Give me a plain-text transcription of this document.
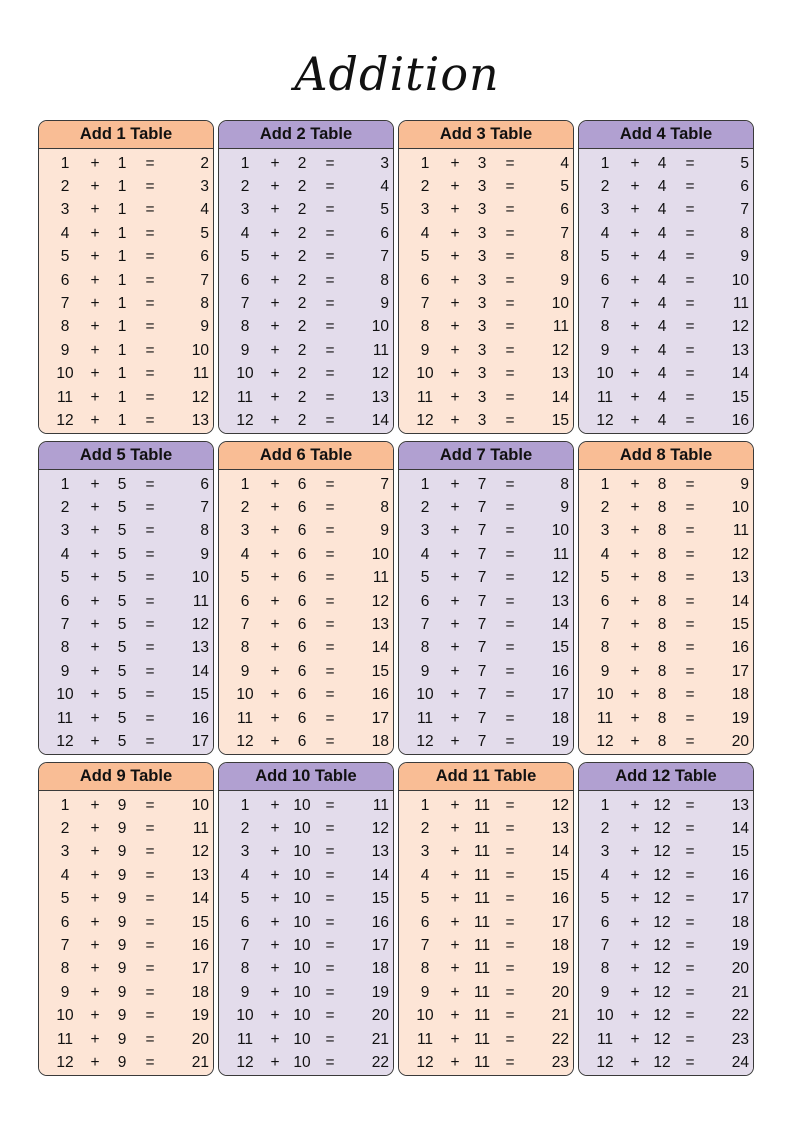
Addition
Add 1 Table
1	+	1	=	2
2	+	1	=	3
3	+	1	=	4
4	+	1	=	5
5	+	1	=	6
6	+	1	=	7
7	+	1	=	8
8	+	1	=	9
9	+	1	=	10
10	+	1	=	11
11	+	1	=	12
12	+	1	=	13
Add 2 Table
1	+	2	=	3
2	+	2	=	4
3	+	2	=	5
4	+	2	=	6
5	+	2	=	7
6	+	2	=	8
7	+	2	=	9
8	+	2	=	10
9	+	2	=	11
10	+	2	=	12
11	+	2	=	13
12	+	2	=	14
Add 3 Table
1	+	3	=	4
2	+	3	=	5
3	+	3	=	6
4	+	3	=	7
5	+	3	=	8
6	+	3	=	9
7	+	3	=	10
8	+	3	=	11
9	+	3	=	12
10	+	3	=	13
11	+	3	=	14
12	+	3	=	15
Add 4 Table
1	+	4	=	5
2	+	4	=	6
3	+	4	=	7
4	+	4	=	8
5	+	4	=	9
6	+	4	=	10
7	+	4	=	11
8	+	4	=	12
9	+	4	=	13
10	+	4	=	14
11	+	4	=	15
12	+	4	=	16
Add 5 Table
1	+	5	=	6
2	+	5	=	7
3	+	5	=	8
4	+	5	=	9
5	+	5	=	10
6	+	5	=	11
7	+	5	=	12
8	+	5	=	13
9	+	5	=	14
10	+	5	=	15
11	+	5	=	16
12	+	5	=	17
Add 6 Table
1	+	6	=	7
2	+	6	=	8
3	+	6	=	9
4	+	6	=	10
5	+	6	=	11
6	+	6	=	12
7	+	6	=	13
8	+	6	=	14
9	+	6	=	15
10	+	6	=	16
11	+	6	=	17
12	+	6	=	18
Add 7 Table
1	+	7	=	8
2	+	7	=	9
3	+	7	=	10
4	+	7	=	11
5	+	7	=	12
6	+	7	=	13
7	+	7	=	14
8	+	7	=	15
9	+	7	=	16
10	+	7	=	17
11	+	7	=	18
12	+	7	=	19
Add 8 Table
1	+	8	=	9
2	+	8	=	10
3	+	8	=	11
4	+	8	=	12
5	+	8	=	13
6	+	8	=	14
7	+	8	=	15
8	+	8	=	16
9	+	8	=	17
10	+	8	=	18
11	+	8	=	19
12	+	8	=	20
Add 9 Table
1	+	9	=	10
2	+	9	=	11
3	+	9	=	12
4	+	9	=	13
5	+	9	=	14
6	+	9	=	15
7	+	9	=	16
8	+	9	=	17
9	+	9	=	18
10	+	9	=	19
11	+	9	=	20
12	+	9	=	21
Add 10 Table
1	+ 10 =	11
2	+ 10 =	12
3	+ 10 =	13
4	+ 10 =	14
5	+ 10 =	15
6	+ 10 =	16
7	+ 10 =	17
8	+ 10 =	18
9	+ 10 =	19
10	+ 10 =	20
11	+ 10 =	21
12	+ 10 =	22
Add 11 Table
1	+ 11 =	12
2	+ 11 =	13
3	+ 11 =	14
4	+ 11 =	15
5	+ 11 =	16
6	+ 11 =	17
7	+ 11 =	18
8	+ 11 =	19
9	+ 11 =	20
10	+ 11 =	21
11	+ 11 =	22
12	+ 11 =	23
Add 12 Table
1	+ 12 =	13
2	+ 12 =	14
3	+ 12 =	15
4	+ 12 =	16
5	+ 12 =	17
6	+ 12 =	18
7	+ 12 =	19
8	+ 12 =	20
9	+ 12 =	21
10	+ 12 =	22
11	+ 12 =	23
12	+ 12 =	24
